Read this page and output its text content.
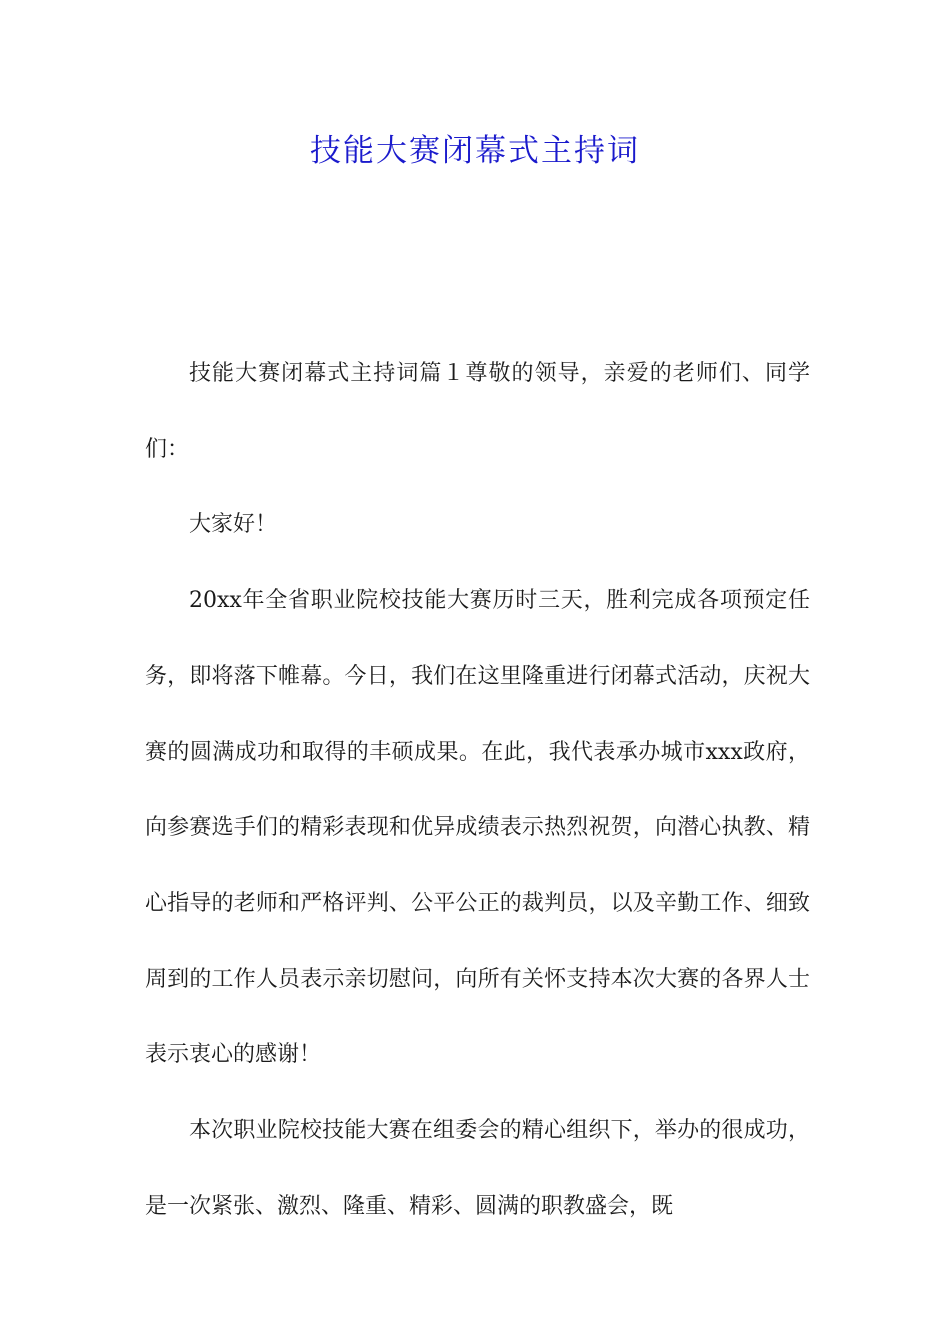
技能大赛闭幕式主持词

技能大赛闭幕式主持词篇１尊敬的领导，亲爱的老师们、同学们：

大家好！

20xx年全省职业院校技能大赛历时三天，胜利完成各项预定任务，即将落下帷幕。今日，我们在这里隆重进行闭幕式活动，庆祝大赛的圆满成功和取得的丰硕成果。在此，我代表承办城市xxx政府，向参赛选手们的精彩表现和优异成绩表示热烈祝贺，向潜心执教、精心指导的老师和严格评判、公平公正的裁判员，以及辛勤工作、细致周到的工作人员表示亲切慰问，向所有关怀支持本次大赛的各界人士表示衷心的感谢！

本次职业院校技能大赛在组委会的精心组织下，举办的很成功，是一次紧张、激烈、隆重、精彩、圆满的职教盛会，既
